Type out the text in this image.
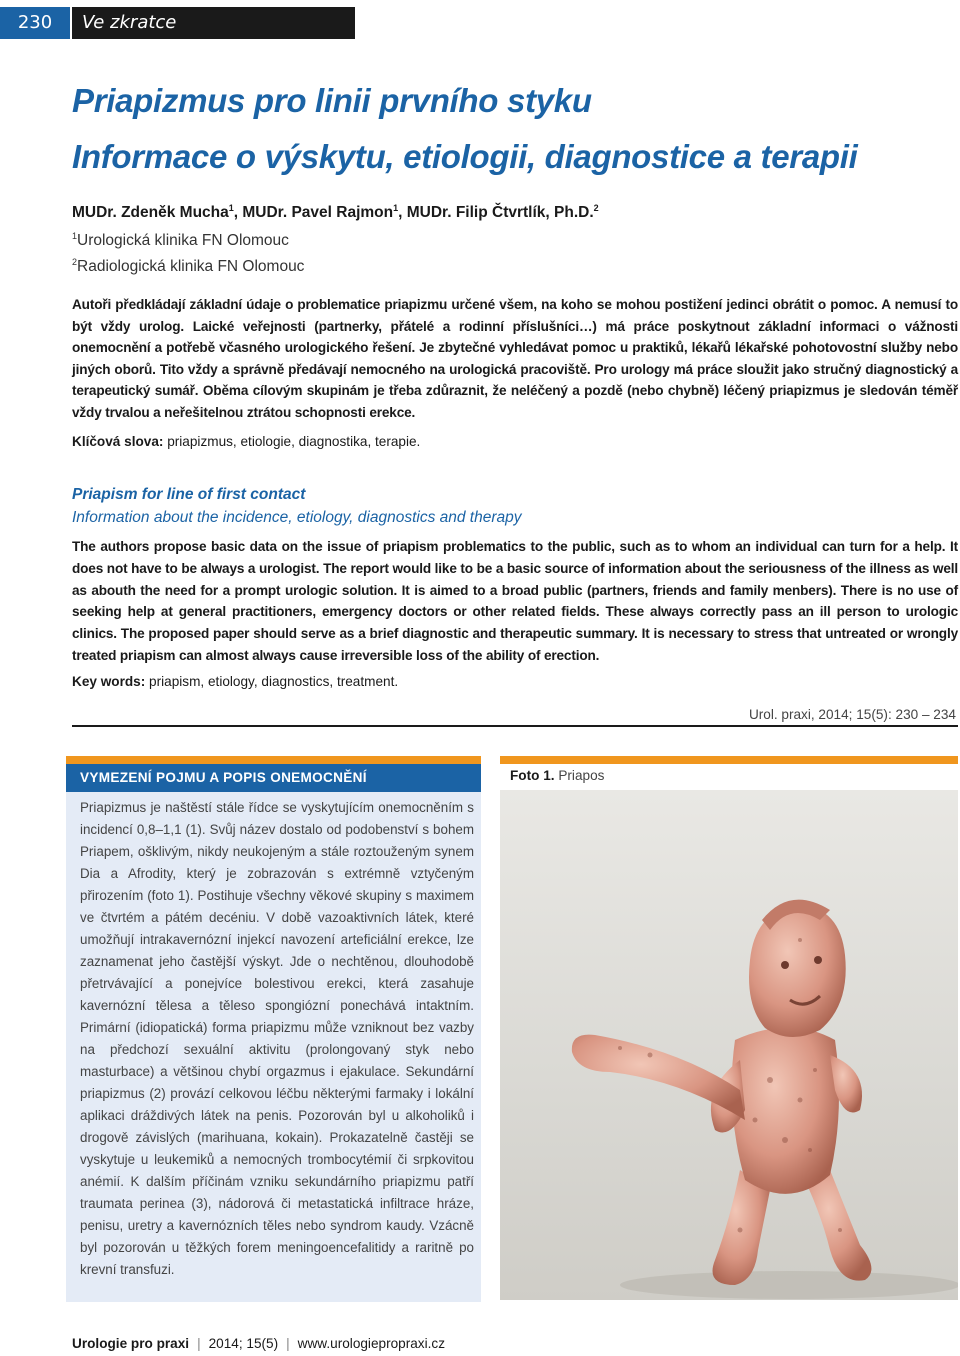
230	Ve zkratce
Priapizmus pro linii prvního styku
Informace o výskytu, etiologii, diagnostice a terapii
MUDr. Zdeněk Mucha$^1$, MUDr. Pavel Rajmon$^1$, MUDr. Filip Čtvrtlík, Ph.D.$^2$
$^1$Urologická klinika FN Olomouc
$^2$Radiologická klinika FN Olomouc

Autoři předkládají základní údaje o problematice priapizmu určené všem, na koho se mohou postižení jedinci obrátit o pomoc. A nemusí to být vždy urolog. Laické veřejnosti (partnerky, přátelé a rodinní příslušníci…) má práce poskytnout základní informaci o vážnosti onemocnění a potřebě včasného urologického řešení. Je zbytečné vyhledávat pomoc u praktiků, lékařů lékařské pohotovostní služby nebo jiných oborů. Tito vždy a správně předávají nemocného na urologická pracoviště. Pro urology má práce sloužit jako stručný diagnostický a terapeutický sumář. Oběma cílovým skupinám je třeba zdůraznit, že neléčený a pozdě (nebo chybně) léčený priapizmus je sledován téměř vždy trvalou a neřešitelnou ztrátou schopnosti erekce.

Klíčová slova: priapizmus, etiologie, diagnostika, terapie.
Priapism for line of first contact
Information about the incidence, etiology, diagnostics and therapy

The authors propose basic data on the issue of priapism problematics to the public, such as to whom an individual can turn for a help. It does not have to be always a urologist. The report would like to be a basic source of information about the seriousness of the illness as well as abouth the need for a prompt urologic solution. It is aimed to a broad public (partners, friends and family menbers). There is no use of seeking help at general practitioners, emergency doctors or other related fields. These always correctly pass an ill person to urologic clinics. The proposed paper should serve as a brief diagnostic and therapeutic summary. It is necessary to stress that untreated or wrongly treated priapism can almost always cause irreversible loss of the ability of erection.

Key words: priapism, etiology, diagnostics, treatment.
Urol. praxi, 2014; 15(5): 230 – 234
VYMEZENÍ POJMU A POPIS ONEMOCNĚNÍ

Priapizmus je naštěstí stále řídce se vyskytujícím onemocněním s incidencí 0,8–1,1 (1). Svůj název dostalo od podobenství s bohem Priapem, ošklivým, nikdy neukojeným a stále roztouženým synem Dia a Afrodity, který je zobrazován s extrémně vztyčeným přirozením (foto 1). Postihuje všechny věkové skupiny s maximem ve čtvrtém a pátém decéniu. V době vazoaktivních látek, které umožňují intrakavernózní injekcí navození arteficiální erekce, lze zaznamenat jeho častější výskyt. Jde o nechtěnou, dlouhodobě přetrvávající a ponejvíce bolestivou erekci, která zasahuje kavernózní tělesa a těleso spongiózní ponechává intaktním. Primární (idiopatická) forma priapizmu může vzniknout bez vazby na předchozí sexuální aktivitu (prolongovaný styk nebo masturbace) a většinou chybí orgazmus i ejakulace. Sekundární priapizmus (2) provází celkovou léčbu některými farmaky i lokální aplikaci dráždivých látek na penis. Pozorován byl u alkoholiků i drogově závislých (marihuana, kokain). Prokazatelně častěji se vyskytuje u leukemiků a nemocných trombocytémií či srpkovitou anémií. K dalším příčinám vzniku sekundárního priapizmu patří traumata perinea (3), nádorová či metastatická infiltrace hráze, penisu, uretry a kavernózních těles nebo syndrom kaudy. Vzácně byl pozorován u těžkých forem meningoencefalitidy a raritně po krevní transfuzi.

Foto 1. Priapos
Urologie pro praxi | 2014; 15(5) | www.urologiepropraxi.cz
